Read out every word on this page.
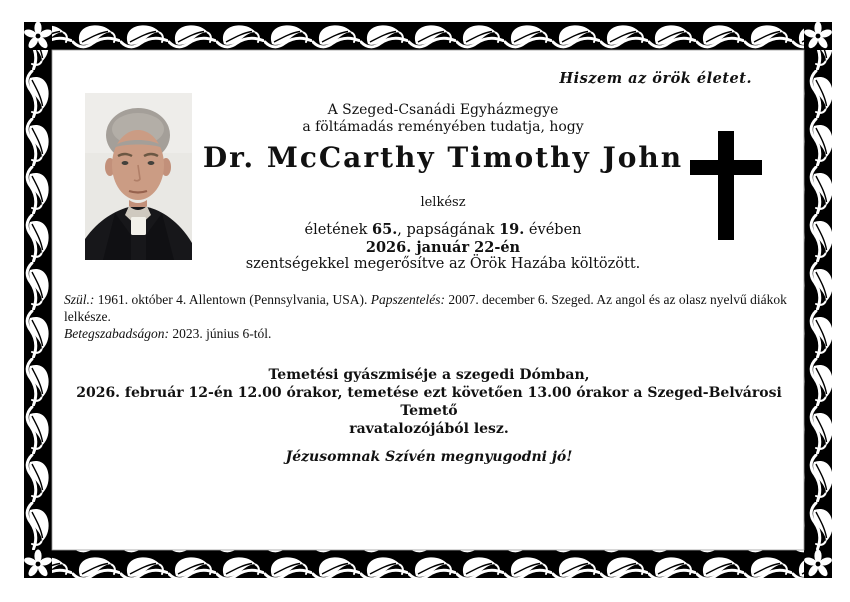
Hiszem az örök életet.
A Szeged-Csanádi Egyházmegye
a föltámadás reményében tudatja, hogy
Dr. McCarthy Timothy John
lelkész
életének 65., papságának 19. évében
2026. január 22-én
szentségekkel megerősítve az Örök Hazába költözött.
Szül.: 1961. október 4. Allentown (Pennsylvania, USA). Papszentelés: 2007. december 6. Szeged. Az angol és az olasz nyelvű diákok lelkésze.
Betegszabadságon: 2023. június 6-tól.
Temetési gyászmiséje a szegedi Dómban,
2026. február 12-én 12.00 órakor, temetése ezt követően 13.00 órakor a Szeged-Belvárosi Temető
ravatalozójából lesz.
Jézusomnak Szívén megnyugodni jó!
